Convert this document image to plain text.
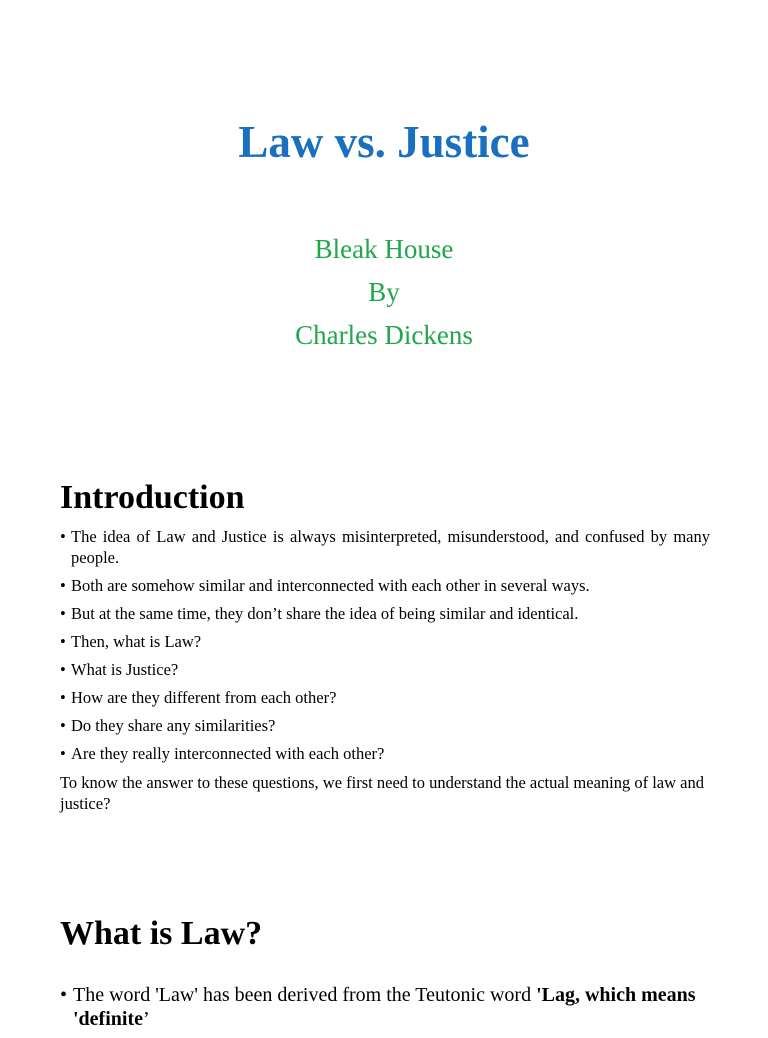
Law vs. Justice
Bleak House
By
Charles Dickens
Introduction
• The idea of Law and Justice is always misinterpreted, misunderstood, and confused by many people.
• Both are somehow similar and interconnected with each other in several ways.
• But at the same time, they don’t share the idea of being similar and identical.
• Then, what is Law?
• What is Justice?
• How are they different from each other?
• Do they share any similarities?
• Are they really interconnected with each other?

To know the answer to these questions, we first need to understand the actual meaning of law and justice?

What is Law?
• The word 'Law' has been derived from the Teutonic word 'Lag, which means 'definite’
